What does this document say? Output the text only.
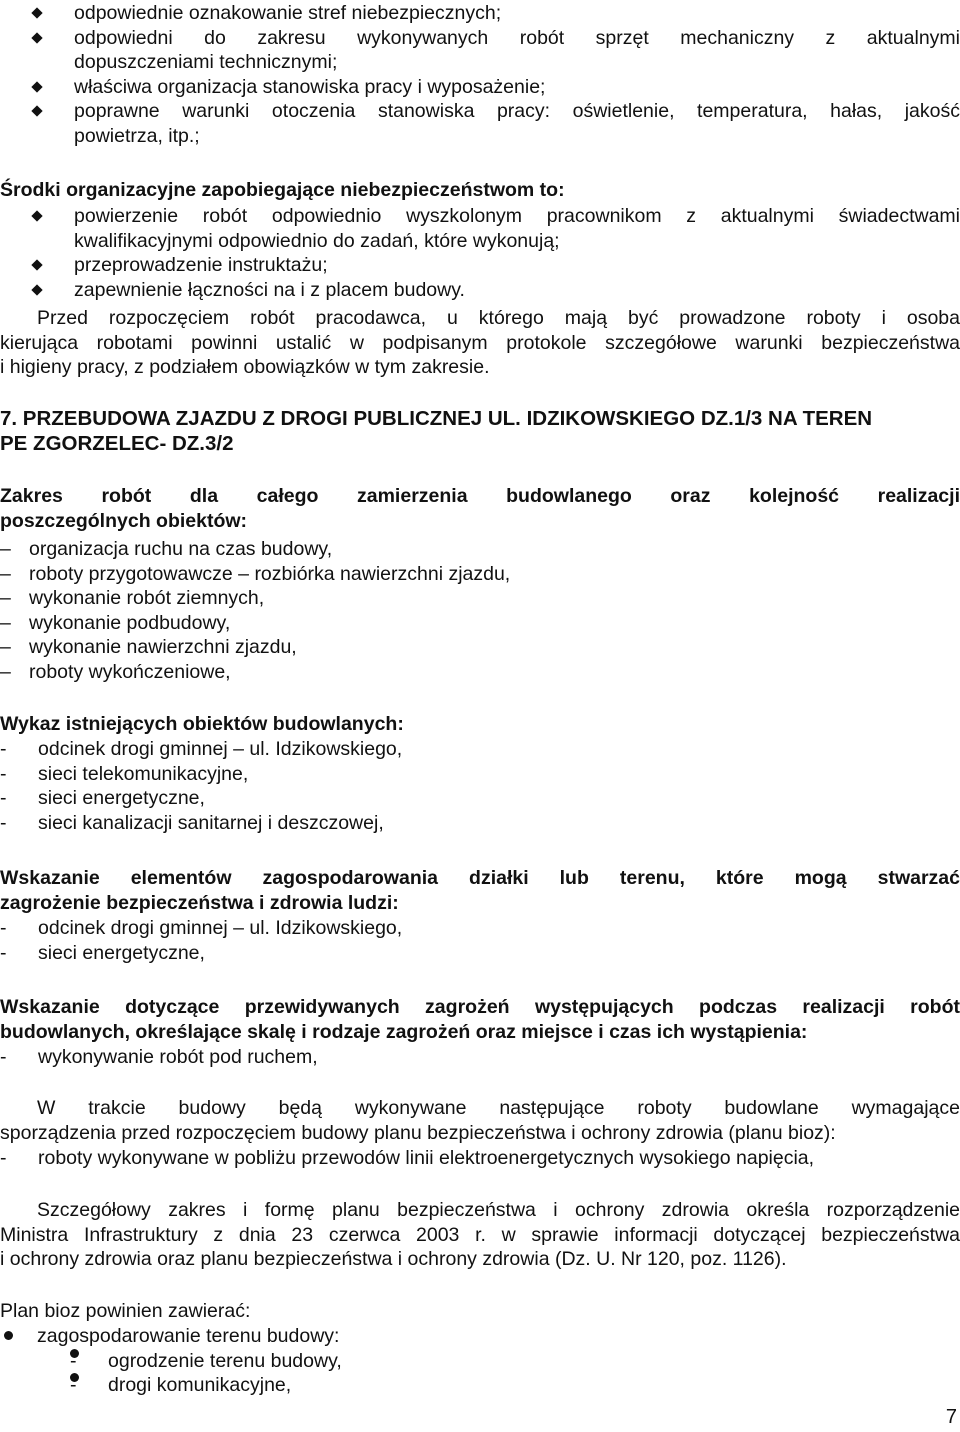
odpowiednie oznakowanie stref niebezpiecznych;
odpowiedni do zakresu wykonywanych robót sprzęt mechaniczny z aktualnymi
dopuszczeniami technicznymi;
właściwa organizacja stanowiska pracy i wyposażenie;
poprawne warunki otoczenia stanowiska pracy: oświetlenie, temperatura, hałas, jakość
powietrza, itp.;

Środki organizacyjne zapobiegające niebezpieczeństwom to:

powierzenie robót odpowiednio wyszkolonym pracownikom z aktualnymi świadectwami
kwalifikacyjnymi odpowiednio do zadań, które wykonują;
przeprowadzenie instruktażu;
zapewnienie łączności na i z placem budowy.

Przed rozpoczęciem robót pracodawca, u którego mają być prowadzone roboty i osoba

kierująca robotami powinni ustalić w podpisanym protokole szczegółowe warunki bezpieczeństwa

i higieny pracy, z podziałem obowiązków w tym zakresie.

7. PRZEBUDOWA ZJAZDU Z DROGI PUBLICZNEJ UL. IDZIKOWSKIEGO DZ.1/3 NA TEREN

PE ZGORZELEC- DZ.3/2

Zakres robót dla całego zamierzenia budowlanego oraz kolejność realizacji

poszczególnych obiektów:

– organizacja ruchu na czas budowy,
– roboty przygotowawcze – rozbiórka nawierzchni zjazdu,
– wykonanie robót ziemnych,
– wykonanie podbudowy,
– wykonanie nawierzchni zjazdu,
– roboty wykończeniowe,

Wykaz istniejących obiektów budowlanych:

- odcinek drogi gminnej – ul. Idzikowskiego,
- sieci telekomunikacyjne,
- sieci energetyczne,
- sieci kanalizacji sanitarnej i deszczowej,

Wskazanie elementów zagospodarowania działki lub terenu, które mogą stwarzać

zagrożenie bezpieczeństwa i zdrowia ludzi:

- odcinek drogi gminnej – ul. Idzikowskiego,
- sieci energetyczne,

Wskazanie dotyczące przewidywanych zagrożeń występujących podczas realizacji robót

budowlanych, określające skalę i rodzaje zagrożeń oraz miejsce i czas ich wystąpienia:

- wykonywanie robót pod ruchem,

W trakcie budowy będą wykonywane następujące roboty budowlane wymagające

sporządzenia przed rozpoczęciem budowy planu bezpieczeństwa i ochrony zdrowia (planu bioz):

- roboty wykonywane w pobliżu przewodów linii elektroenergetycznych wysokiego napięcia,

Szczegółowy zakres i formę planu bezpieczeństwa i ochrony zdrowia określa rozporządzenie

Ministra Infrastruktury z dnia 23 czerwca 2003 r. w sprawie informacji dotyczącej bezpieczeństwa

i ochrony zdrowia oraz planu bezpieczeństwa i ochrony zdrowia (Dz. U. Nr 120, poz. 1126).

Plan bioz powinien zawierać:

zagospodarowanie terenu budowy:
- ogrodzenie terenu budowy,
- drogi komunikacyjne,
7
